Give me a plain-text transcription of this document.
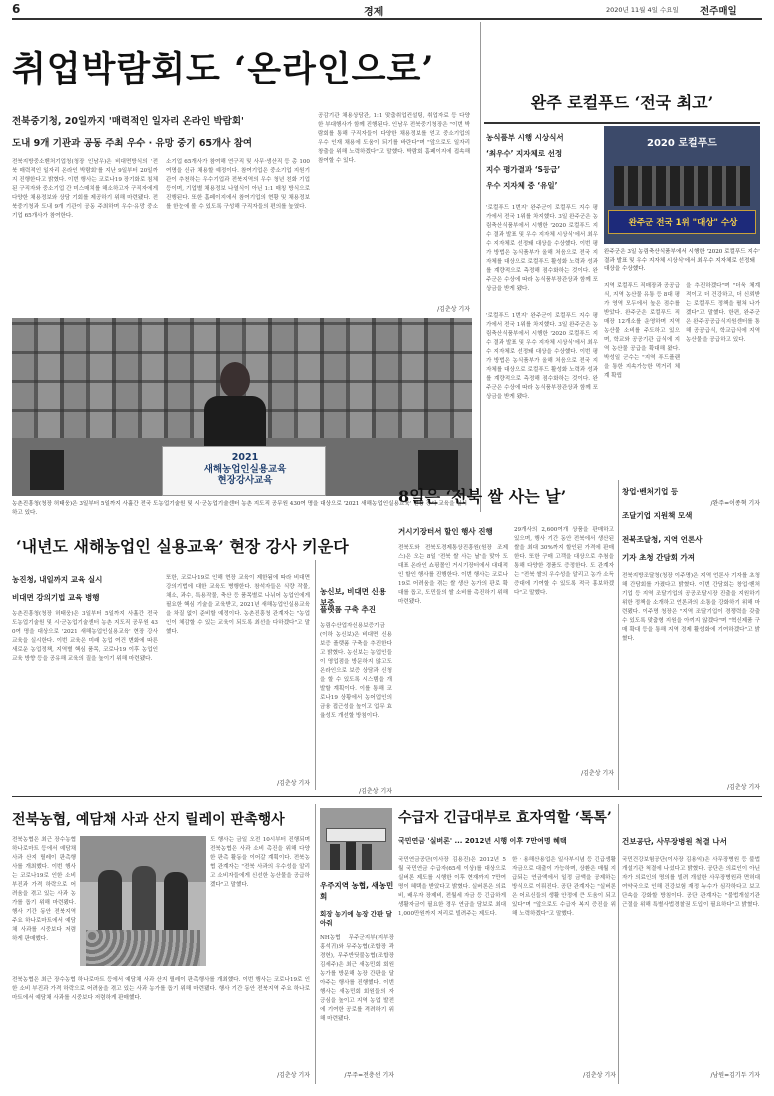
6	경제	2020년 11월 4일 수요일 전주매일
취업박람회도 ‘온라인으로’
전북중기청, 20일까지 '매력적인 일자리 온라인 박람회'
도내 9개 기관과 공동 주최 우수 · 유망 중기 65개사 참여
전북지방중소벤처기업청(청장 인남우)은 비대면방식의 '전북 매력적인 일자리 온라인 박람회'를 지난 9일부터 20일까지 진행한다고 밝혔다. 이번 행사는 코로나19 장기화로 침체된 구직자와 중소기업 간 미스매치를 해소하고자 구직자에게 다양한 채용정보와 상담 기회를 제공하기 위해 마련됐다. 전북중기청과 도내 9개 기관이 공동 주최하며 우수·유망 중소기업 65개사가 참여한다.
소기업 65개사가 참여해 연구직 및 사무·생산직 등 총 100여명을 신규 채용할 예정이다. 참여기업은 중소기업 지원기관이 추천하는 우수기업과 전북지역의 우수 청년 친화 기업 등이며, 기업별 채용정보 나열식이 아닌 1:1 매칭 방식으로 진행된다. 또한 홈페이지에서 참여기업의 현황 및 채용정보를 한눈에 볼 수 있도록 구성해 구직자들의 편의를 높였다.
공감기관 채용상담관, 1:1 맞춤취업컨설팅, 취업자료 등 다양한 부대행사가 함께 진행된다. 인남우 전북중기청장은 "이번 박람회를 통해 구직자들이 다양한 채용정보를 얻고 중소기업의 우수 인재 채용에 도움이 되기를 바란다"며 "앞으로도 일자리 창출을 위해 노력하겠다"고 말했다. 박람회 홈페이지에 접속해 참여할 수 있다.
/김춘상 기자
2021
새해농업인실용교육
현장강사교육
농촌진흥청(청장 허태웅)은 3일부터 5일까지 사흘간 전국 도농업기술원 및 시·군농업기술센터 농촌 지도직 공무원 430여 명을 대상으로 '2021 새해농업인실용교육' 현장 강사 교육을 실시하고 있다.
완주 로컬푸드 ‘전국 최고’
농식품부 시행 시상식서
‘최우수’ 지자체로 선정
지수 평가결과 ‘S등급’
우수 지자체 중 ‘유일’
2020 로컬푸드
완주군 전국 1위 "대상" 수상
완주군은 3일 농림축산식품부에서 시행한 '2020 로컬푸드 지수' 결과 발표 및 우수 지자체 시상식'에서 최우수 지자체로 선정돼 대상을 수상했다.
'로컬푸드 1번지' 완주군이 로컬푸드 지수 평가에서 전국 1위를 차지했다. 3일 완주군은 농림축산식품부에서 시행한 '2020 로컬푸드 지수 결과 발표 및 우수 지자체 시상식'에서 최우수 지자체로 선정돼 대상을 수상했다. 이번 평가 방법은 농식품부가 올해 처음으로 전국 지자체를 대상으로 로컬푸드 활성화 노력과 성과를 계량적으로 측정해 점수화하는 것이다. 완주군은 수상에 따라 농식품부장관상과 함께 포상금을 받게 됐다.
'로컬푸드 1번지' 완주군이 로컬푸드 지수 평가에서 전국 1위를 차지했다. 3일 완주군은 농림축산식품부에서 시행한 '2020 로컬푸드 지수 결과 발표 및 우수 지자체 시상식'에서 최우수 지자체로 선정돼 대상을 수상했다. 이번 평가 방법은 농식품부가 올해 처음으로 전국 지자체를 대상으로 로컬푸드 활성화 노력과 성과를 계량적으로 측정해 점수화하는 것이다. 완주군은 수상에 따라 농식품부장관상과 함께 포상금을 받게 됐다.
지역 로컬푸드 직매장과 공공급식, 지역 농산물 유통 등 8대 평가 영역 모두에서 높은 점수를 받았다. 완주군은 로컬푸드 직매장 12개소를 운영하며 지역 농산물 소비를 주도하고 있으며, 학교와 공공기관 급식에 지역 농산물 공급을 확대해 왔다. 박성일 군수는 "지역 푸드플랜을 통한 지속가능한 먹거리 체계 확립
을 추진하겠다"며 "더욱 체계적이고 더 건강하고, 더 신뢰받는 로컬푸드 정책을 펼쳐 나가겠다"고 말했다. 한편, 완주군은 완주공공급식지원센터를 통해 공공급식, 학교급식에 지역농산물을 공급하고 있다.
/완주=이종혁 기자
‘내년도 새해농업인 실용교육’ 현장 강사 키운다
농진청, 내일까지 교육 실시
비대면 강의기법 교육 병행
농촌진흥청(청장 허태웅)은 3일부터 5일까지 사흘간 전국 도농업기술원 및 시·군농업기술센터 농촌 지도직 공무원 430여 명을 대상으로 '2021 새해농업인실용교육' 현장 강사 교육을 실시한다. 이번 교육은 미래 농업 여건 변화에 따른 새로운 농업정책, 지역별 핵심 품목, 코로나19 이후 농업인 교육 방향 등을 공유해 교육의 질을 높이기 위해 마련됐다.
또한, 코로나19로 인해 현장 교육이 제한됨에 따라 비대면 강의기법에 대한 교육도 병행한다. 참석자들은 식량 작물, 채소, 과수, 특용작물, 축산 등 품목별로 나뉘어 농업인에게 필요한 핵심 기술을 교육받고, 2021년 새해농업인실용교육을 차질 없이 준비할 예정이다. 농촌진흥청 관계자는 "농업인이 체감할 수 있는 교육이 되도록 최선을 다하겠다"고 말했다.
/김춘상 기자
농신보, 비대면 신용보증
플랫폼 구축 추진
농림수산업자신용보증기금(이하 농신보)은 비대면 신용보증 플랫폼 구축을 추진한다고 밝혔다. 농신보는 농업인들이 영업점을 방문하지 않고도 온라인으로 보증 상담과 신청을 할 수 있도록 시스템을 개발할 계획이다. 이를 통해 코로나19 상황에서 농어업인의 금융 접근성을 높이고 업무 효율성도 개선할 방침이다.
/김춘상 기자
8일은 ‘전북 쌀 사는 날’
거시기장터서 할인 행사 진행
전북도와 전북도경제통상진흥원(원장 조제스)은 오는 8일 '전북 쌀 사는 날'을 맞아 도 대표 온라인 쇼핑몰인 거시기장터에서 대대적인 할인 행사를 진행한다. 이번 행사는 코로나19로 어려움을 겪는 쌀 생산 농가의 판로 확대를 돕고, 도민들의 쌀 소비를 촉진하기 위해 마련됐다.
29개사의 2,600여개 상품을 판매하고 있으며, 행사 기간 동안 전북에서 생산된 쌀을 최대 30%까지 할인된 가격에 판매한다. 또한 구매 고객을 대상으로 추첨을 통해 다양한 경품도 증정한다. 도 관계자는 "전북 쌀의 우수성을 알리고 농가 소득 증대에 기여할 수 있도록 적극 홍보하겠다"고 말했다.
/김춘상 기자
창업·벤처기업 등
조달기업 지원책 모색
전북조달청, 지역 언론사
기자 초청 간담회 가져
전북지방조달청(청장 이주명)은 지역 언론사 기자를 초청해 간담회를 가졌다고 밝혔다. 이번 간담회는 창업·벤처기업 등 지역 조달기업의 공공조달시장 진출을 지원하기 위한 정책을 소개하고 언론과의 소통을 강화하기 위해 마련됐다. 이주명 청장은 "지역 조달기업이 경쟁력을 갖출 수 있도록 맞춤형 지원을 아끼지 않겠다"며 "혁신제품 구매 확대 등을 통해 지역 경제 활성화에 기여하겠다"고 밝혔다.
/김춘상 기자
전북농협, 예담채 사과 산지 릴레이 판촉행사
전북농협은 최근 장수농협 하나로마트 등에서 예담채 사과 산지 릴레이 판촉행사를 개최했다. 이번 행사는 코로나19로 인한 소비 부진과 가격 하락으로 어려움을 겪고 있는 사과 농가를 돕기 위해 마련됐다. 행사 기간 동안 전북지역 주요 하나로마트에서 예담채 사과를 시중보다 저렴하게 판매했다.
도 행사는 금일 오전 10시부터 진행되며 전북농협은 사과 소비 촉진을 위해 다양한 판촉 활동을 이어갈 계획이다. 전북농협 관계자는 "전북 사과의 우수성을 알리고 소비자들에게 신선한 농산물을 공급하겠다"고 말했다.
전북농협은 최근 장수농협 하나로마트 등에서 예담채 사과 산지 릴레이 판촉행사를 개최했다. 이번 행사는 코로나19로 인한 소비 부진과 가격 하락으로 어려움을 겪고 있는 사과 농가를 돕기 위해 마련됐다. 행사 기간 동안 전북지역 주요 하나로마트에서 예담채 사과를 시중보다 저렴하게 판매했다.
/김춘상 기자
우주지역 농협, 새농민회
회장 농기에 농장 간판 달아줘
NH농협 무주군지부(지부장 홍석귀)와 무주농협(조합장 곽경헌), 무주반딧불농협(조합장 김세주)은 최근 새농민회 회원 농가를 방문해 농장 간판을 달아주는 행사를 진행했다. 이번 행사는 새농민회 회원들의 자긍심을 높이고 지역 농업 발전에 기여한 공로를 격려하기 위해 마련됐다.
/무주=전충선 기자
수급자 긴급대부로 효자역할 ‘톡톡’
국민연금 '실버론' ... 2012년 시행 이후 7만여명 혜택
국민연금공단(이사장 김용진)은 2012년 5월 국민연금 수급자(65세 이상)를 대상으로 실버론 제도를 시행한 이후 현재까지 7만여명이 혜택을 받았다고 밝혔다. 실버론은 의료비, 배우자 장제비, 전월세 자금 등 긴급하게 생활자금이 필요한 경우 연금을 담보로 최대 1,000만원까지 저리로 빌려주는 제도다.
한 · 용해산용업은 일사부시념 등 긴급생활자금으로 대출이 가능하며, 상환은 매월 지급되는 연금액에서 일정 금액을 공제하는 방식으로 이뤄진다. 공단 관계자는 "실버론은 어르신들의 생활 안정에 큰 도움이 되고 있다"며 "앞으로도 수급자 복지 증진을 위해 노력하겠다"고 말했다.
/김춘상 기자
건보공단, 사무장병원 척결 나서
국민건강보험공단(이사장 김용익)은 사무장병원 등 불법개설기관 척결에 나섰다고 밝혔다. 공단은 의료인이 아닌 자가 의료인의 명의를 빌려 개설한 사무장병원과 면허대여약국으로 인해 건강보험 재정 누수가 심각하다고 보고 단속을 강화할 방침이다. 공단 관계자는 "불법개설기관 근절을 위해 특별사법경찰권 도입이 필요하다"고 밝혔다.
/남원=김기두 기자
